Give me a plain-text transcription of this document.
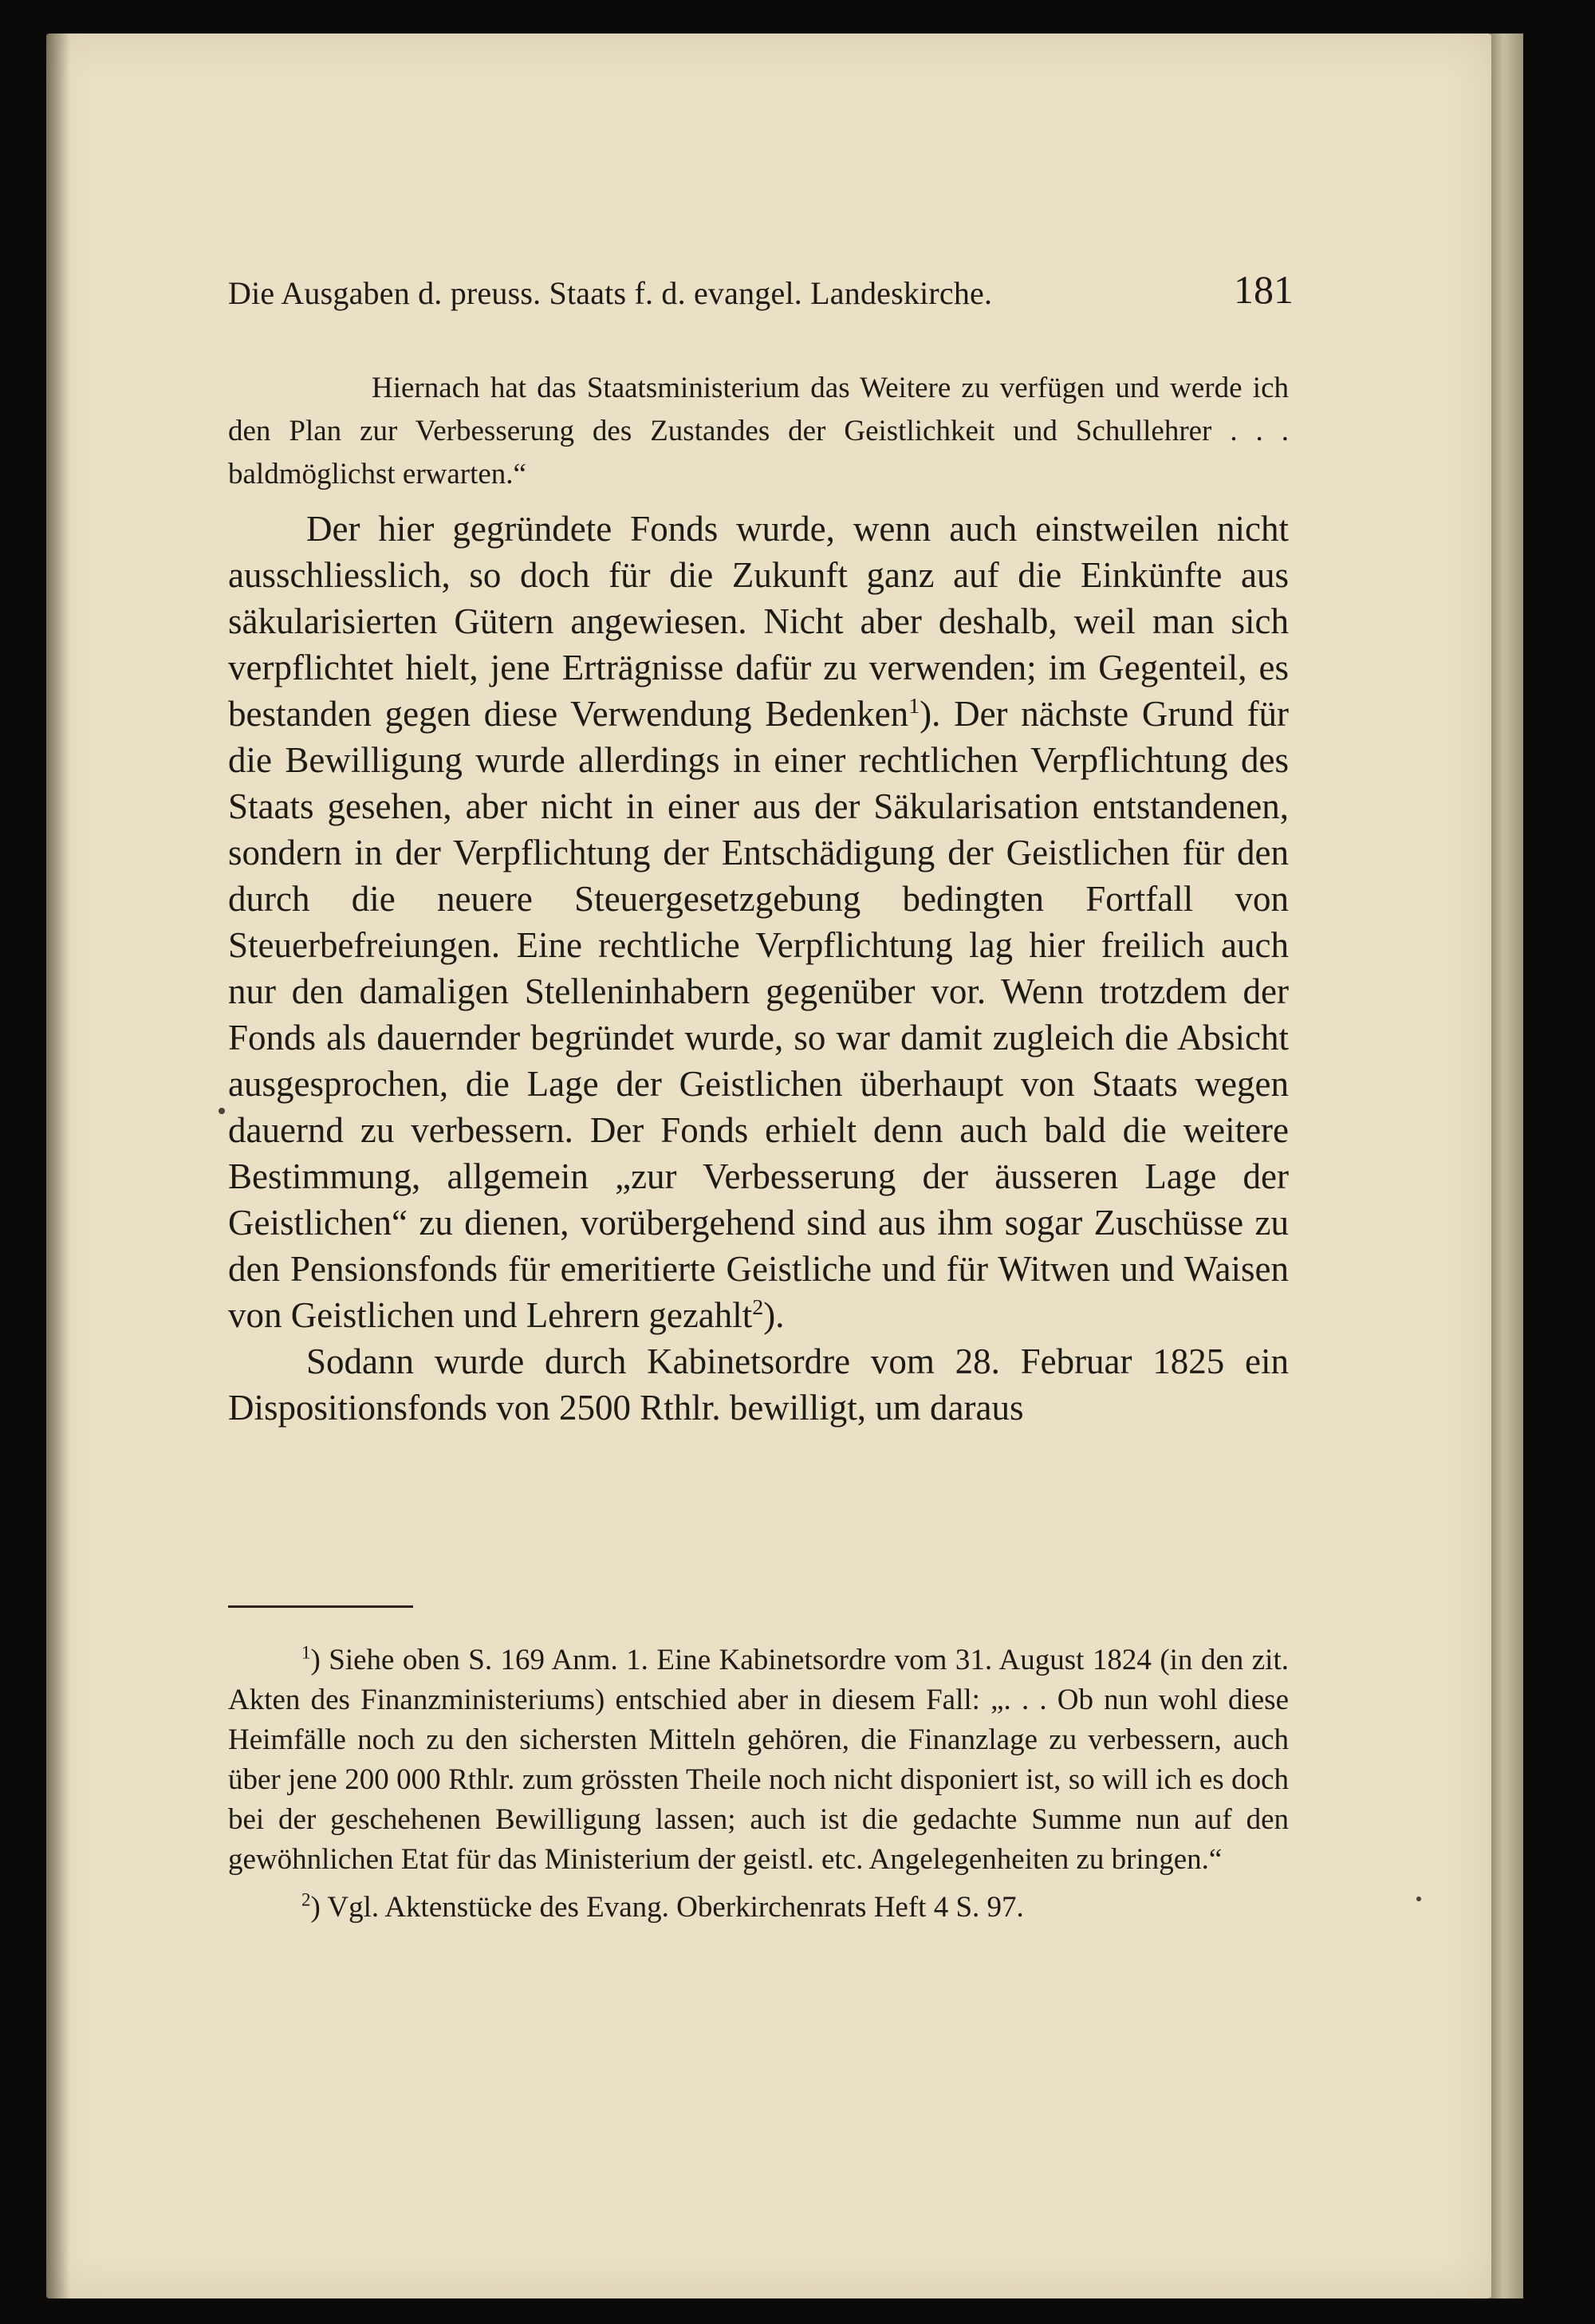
Die Ausgaben d. preuss. Staats f. d. evangel. Landeskirche.	181

Hiernach hat das Staatsministerium das Weitere zu verfügen und werde ich den Plan zur Verbesserung des Zustandes der Geistlichkeit und Schullehrer . . . baldmöglichst erwarten.“

Der hier gegründete Fonds wurde, wenn auch einstweilen nicht ausschliesslich, so doch für die Zukunft ganz auf die Einkünfte aus säkularisierten Gütern angewiesen. Nicht aber deshalb, weil man sich verpflichtet hielt, jene Erträgnisse dafür zu verwenden; im Gegenteil, es bestanden gegen diese Verwendung Bedenken$^1$). Der nächste Grund für die Bewilligung wurde allerdings in einer rechtlichen Verpflichtung des Staats gesehen, aber nicht in einer aus der Säkularisation entstandenen, sondern in der Verpflichtung der Entschädigung der Geistlichen für den durch die neuere Steuergesetzgebung bedingten Fortfall von Steuerbefreiungen. Eine rechtliche Verpflichtung lag hier freilich auch nur den damaligen Stelleninhabern gegenüber vor. Wenn trotzdem der Fonds als dauernder begründet wurde, so war damit zugleich die Absicht ausgesprochen, die Lage der Geistlichen überhaupt von Staats wegen dauernd zu verbessern. Der Fonds erhielt denn auch bald die weitere Bestimmung, allgemein „zur Verbesserung der äusseren Lage der Geistlichen“ zu dienen, vorübergehend sind aus ihm sogar Zuschüsse zu den Pensionsfonds für emeritierte Geistliche und für Witwen und Waisen von Geistlichen und Lehrern gezahlt$^2$).

Sodann wurde durch Kabinetsordre vom 28. Februar 1825 ein Dispositionsfonds von 2500 Rthlr. bewilligt, um daraus

$^1$) Siehe oben S. 169 Anm. 1. Eine Kabinetsordre vom 31. August 1824 (in den zit. Akten des Finanzministeriums) entschied aber in diesem Fall: „. . . Ob nun wohl diese Heimfälle noch zu den sichersten Mitteln gehören, die Finanzlage zu verbessern, auch über jene 200 000 Rthlr. zum grössten Theile noch nicht disponiert ist, so will ich es doch bei der geschehenen Bewilligung lassen; auch ist die gedachte Summe nun auf den gewöhnlichen Etat für das Ministerium der geistl. etc. Angelegenheiten zu bringen.“

$^2$) Vgl. Aktenstücke des Evang. Oberkirchenrats Heft 4 S. 97.
